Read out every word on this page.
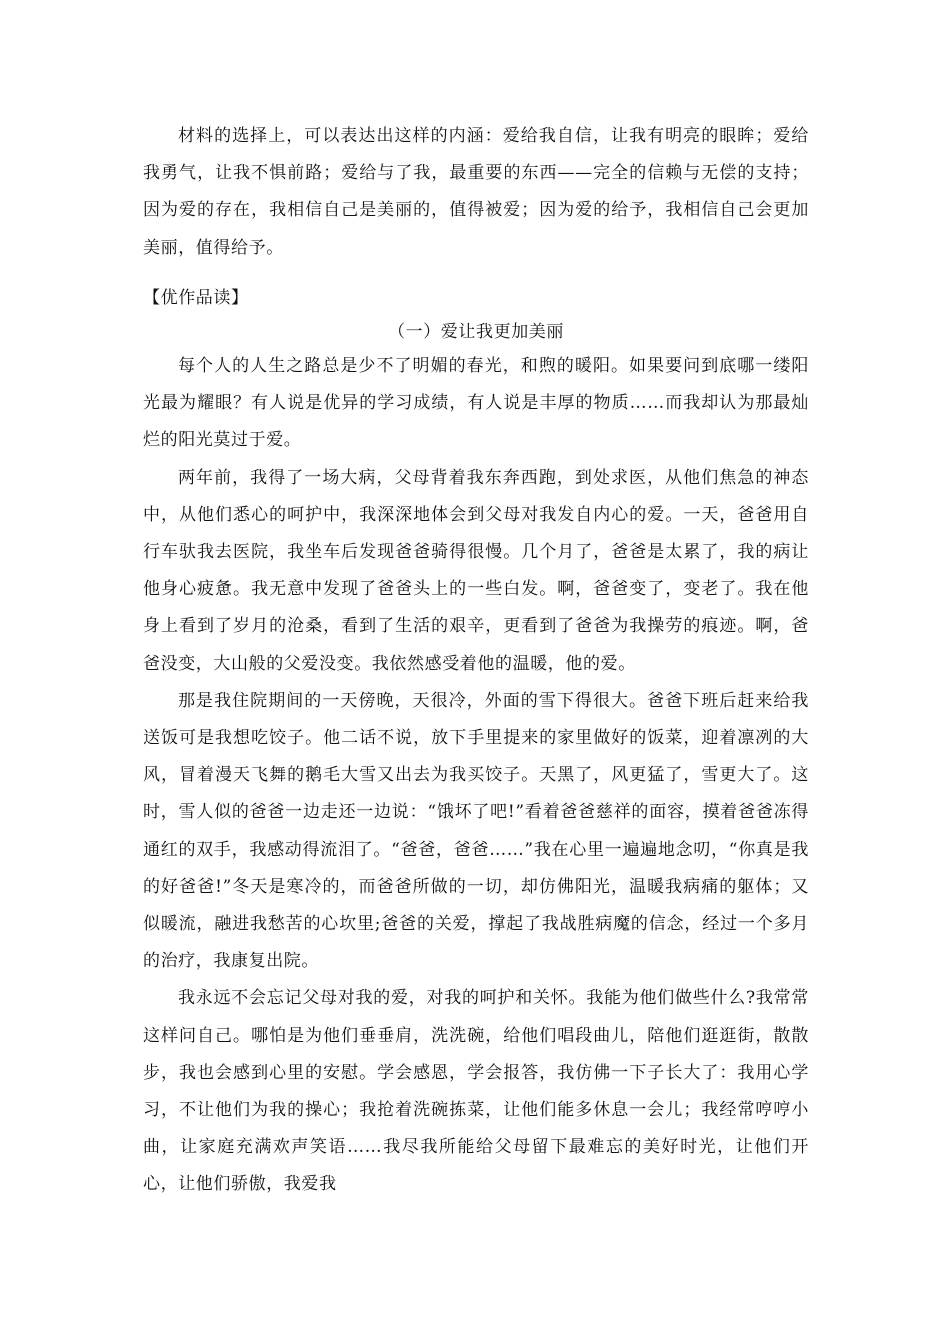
材料的选择上，可以表达出这样的内涵：爱给我自信，让我有明亮的眼眸；爱给我勇气，让我不惧前路；爱给与了我，最重要的东西——完全的信赖与无偿的支持；因为爱的存在，我相信自己是美丽的，值得被爱；因为爱的给予，我相信自己会更加美丽，值得给予。

【优作品读】

（一）爱让我更加美丽

每个人的人生之路总是少不了明媚的春光，和煦的暖阳。如果要问到底哪一缕阳光最为耀眼？有人说是优异的学习成绩，有人说是丰厚的物质……而我却认为那最灿烂的阳光莫过于爱。

两年前，我得了一场大病，父母背着我东奔西跑，到处求医，从他们焦急的神态中，从他们悉心的呵护中，我深深地体会到父母对我发自内心的爱。一天，爸爸用自行车驮我去医院，我坐车后发现爸爸骑得很慢。几个月了，爸爸是太累了，我的病让他身心疲惫。我无意中发现了爸爸头上的一些白发。啊，爸爸变了，变老了。我在他身上看到了岁月的沧桑，看到了生活的艰辛，更看到了爸爸为我操劳的痕迹。啊，爸爸没变，大山般的父爱没变。我依然感受着他的温暖，他的爱。

那是我住院期间的一天傍晚，天很冷，外面的雪下得很大。爸爸下班后赶来给我送饭可是我想吃饺子。他二话不说，放下手里提来的家里做好的饭菜，迎着凛冽的大风，冒着漫天飞舞的鹅毛大雪又出去为我买饺子。天黑了，风更猛了，雪更大了。这时，雪人似的爸爸一边走还一边说：“饿坏了吧!”看着爸爸慈祥的面容，摸着爸爸冻得通红的双手，我感动得流泪了。“爸爸，爸爸……”我在心里一遍遍地念叨，“你真是我的好爸爸!”冬天是寒冷的，而爸爸所做的一切，却仿佛阳光，温暖我病痛的躯体；又似暖流，融进我愁苦的心坎里;爸爸的关爱，撑起了我战胜病魔的信念，经过一个多月的治疗，我康复出院。

我永远不会忘记父母对我的爱，对我的呵护和关怀。我能为他们做些什么?我常常这样问自己。哪怕是为他们垂垂肩，洗洗碗，给他们唱段曲儿，陪他们逛逛街，散散步，我也会感到心里的安慰。学会感恩，学会报答，我仿佛一下子长大了：我用心学习，不让他们为我的操心；我抢着洗碗拣菜，让他们能多休息一会儿；我经常哼哼小曲，让家庭充满欢声笑语……我尽我所能给父母留下最难忘的美好时光，让他们开心，让他们骄傲，我爱我
